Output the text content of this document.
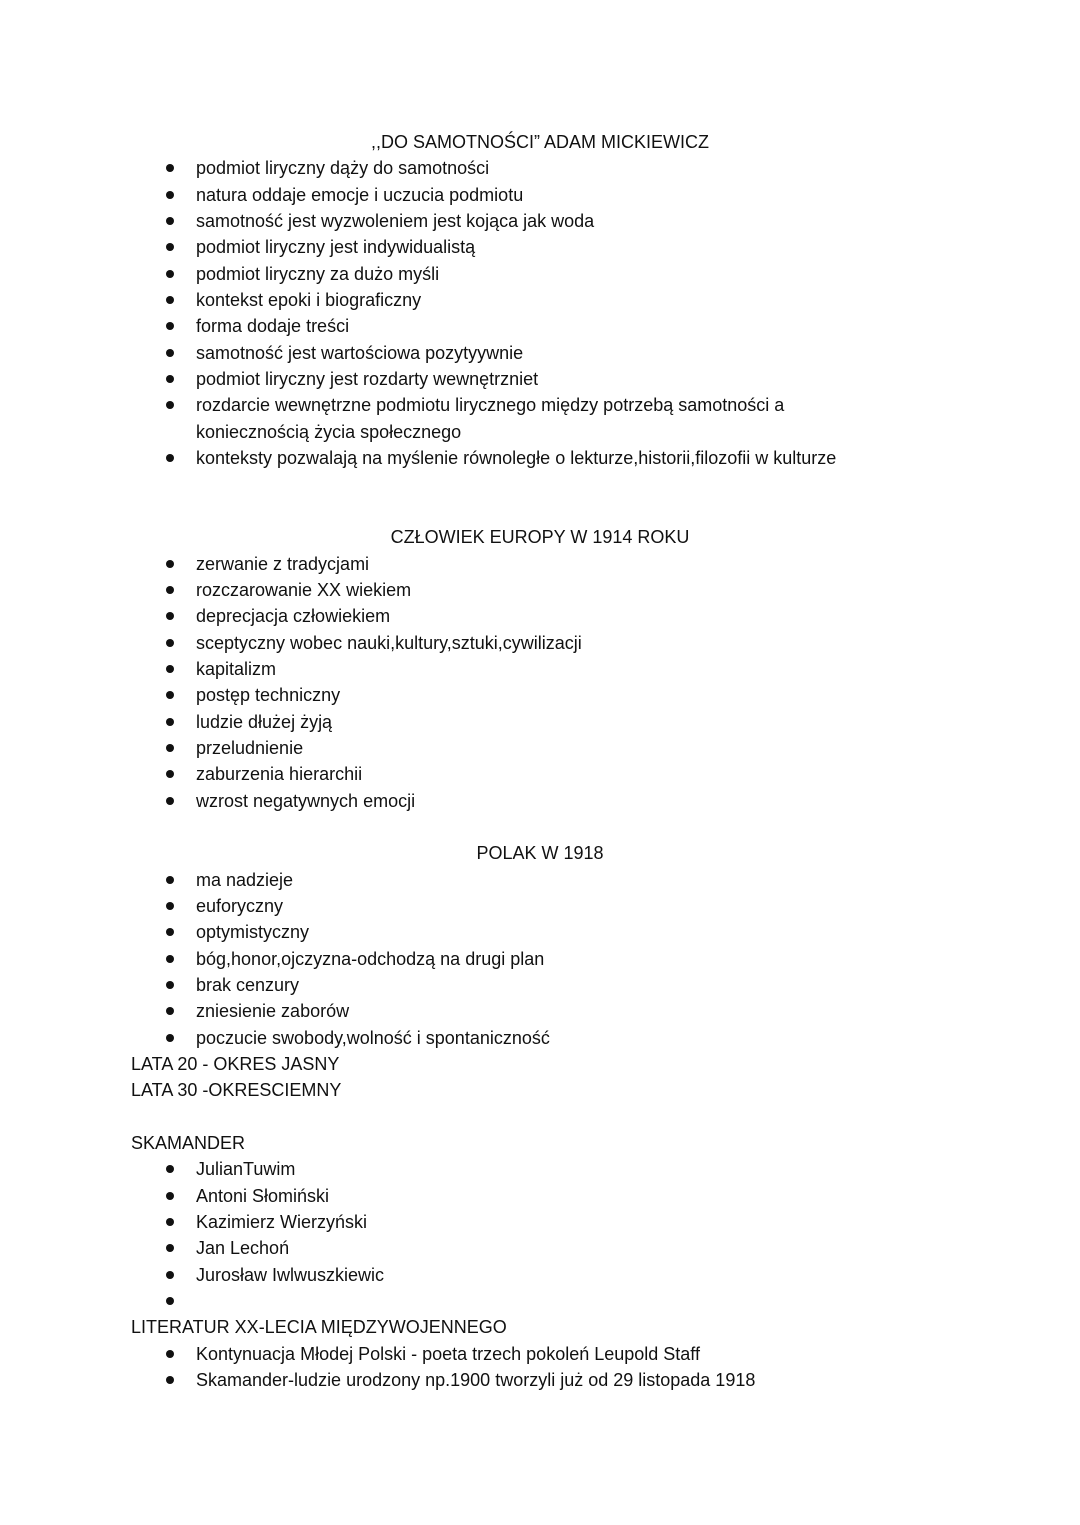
,,DO SAMOTNOŚCI” ADAM MICKIEWICZ
podmiot liryczny dąży do samotności
natura oddaje emocje i uczucia podmiotu
samotność jest wyzwoleniem jest kojąca jak woda
podmiot liryczny jest indywidualistą
podmiot liryczny za dużo myśli
kontekst epoki i biograficzny
forma dodaje treści
samotność jest wartościowa pozytyywnie
podmiot liryczny jest rozdarty wewnętrzniet
rozdarcie wewnętrzne podmiotu lirycznego między potrzebą samotności a
koniecznością życia społecznego
konteksty pozwalają na myślenie równoległe o lekturze,historii,filozofii w kulturze
CZŁOWIEK EUROPY W 1914 ROKU
zerwanie z tradycjami
rozczarowanie XX wiekiem
deprecjacja człowiekiem
sceptyczny wobec nauki,kultury,sztuki,cywilizacji
kapitalizm
postęp techniczny
ludzie dłużej żyją
przeludnienie
zaburzenia hierarchii
wzrost negatywnych emocji
POLAK W 1918
ma nadzieje
euforyczny
optymistyczny
bóg,honor,ojczyzna-odchodzą na drugi plan
brak cenzury
zniesienie zaborów
poczucie swobody,wolność i spontaniczność
LATA 20 - OKRES JASNY
LATA 30 -OKRESCIEMNY
SKAMANDER
JulianTuwim
Antoni Słomiński
Kazimierz Wierzyński
Jan Lechoń
Jurosław Iwlwuszkiewic
LITERATUR XX-LECIA MIĘDZYWOJENNEGO
Kontynuacja Młodej Polski - poeta trzech pokoleń Leupold Staff
Skamander-ludzie urodzony np.1900 tworzyli już od 29 listopada 1918
